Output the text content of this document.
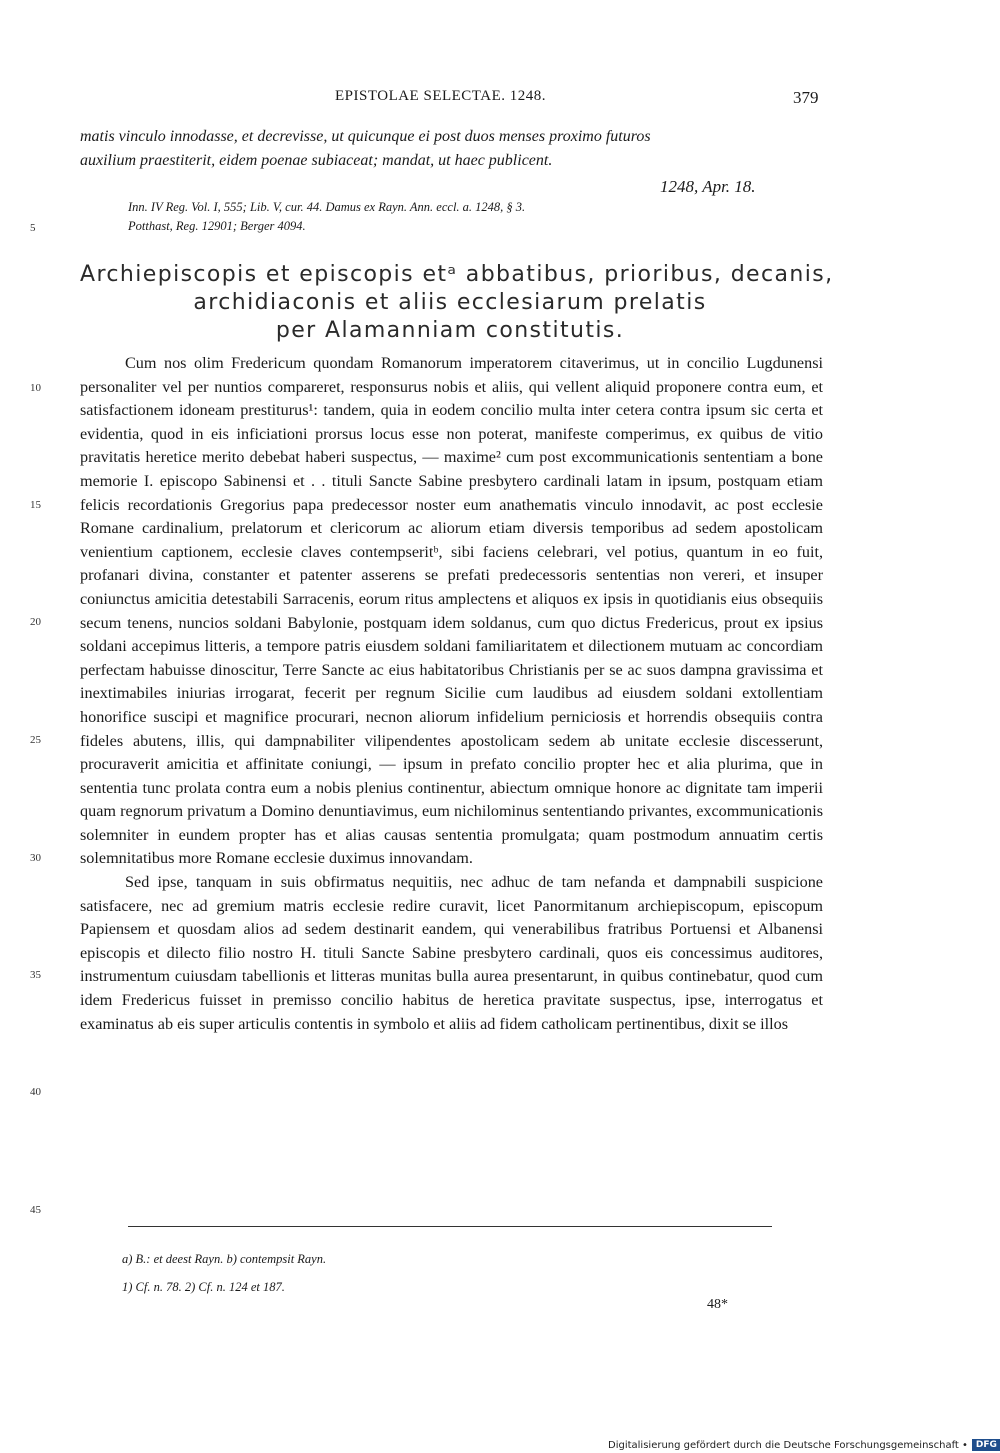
EPISTOLAE SELECTAE. 1248.	379
matis vinculo innodasse, et decrevisse, ut quicunque ei post duos menses proximo futuros
auxilium praestiterit, eidem poenae subiaceat; mandat, ut haec publicent.
1248, Apr. 18.
Inn. IV Reg. Vol. I, 555; Lib. V, cur. 44. Damus ex Rayn. Ann. eccl. a. 1248, § 3.
Potthast, Reg. 12901; Berger 4094.
Archiepiscopis et episcopis etᵃ abbatibus, prioribus, decanis,
archidiaconis et aliis ecclesiarum prelatis
per Alamanniam constitutis.
5
10
15
20
25
30
35
40
45

Cum nos olim Fredericum quondam Romanorum imperatorem citaverimus, ut in concilio Lugdunensi personaliter vel per nuntios compareret, responsurus nobis et aliis, qui vellent aliquid proponere contra eum, et satisfactionem idoneam prestiturus¹: tandem, quia in eodem concilio multa inter cetera contra ipsum sic certa et evidentia, quod in eis inficiationi prorsus locus esse non poterat, manifeste comperimus, ex quibus de vitio pravitatis heretice merito debebat haberi suspectus, — maxime² cum post excommunicationis sententiam a bone memorie I. episcopo Sabinensi et . . tituli Sancte Sabine presbytero cardinali latam in ipsum, postquam etiam felicis recordationis Gregorius papa predecessor noster eum anathematis vinculo innodavit, ac post ecclesie Romane cardinalium, prelatorum et clericorum ac aliorum etiam diversis temporibus ad sedem apostolicam venientium captionem, ecclesie claves contempseritᵇ, sibi faciens celebrari, vel potius, quantum in eo fuit, profanari divina, constanter et patenter asserens se prefati predecessoris sententias non vereri, et insuper coniunctus amicitia detestabili Sarracenis, eorum ritus amplectens et aliquos ex ipsis in quotidianis eius obsequiis secum tenens, nuncios soldani Babylonie, postquam idem soldanus, cum quo dictus Fredericus, prout ex ipsius soldani accepimus litteris, a tempore patris eiusdem soldani familiaritatem et dilectionem mutuam ac concordiam perfectam habuisse dinoscitur, Terre Sancte ac eius habitatoribus Christianis per se ac suos dampna gravissima et inextimabiles iniurias irrogarat, fecerit per regnum Sicilie cum laudibus ad eiusdem soldani extollentiam honorifice suscipi et magnifice procurari, necnon aliorum infidelium perniciosis et horrendis obsequiis contra fideles abutens, illis, qui dampnabiliter vilipendentes apostolicam sedem ab unitate ecclesie discesserunt, procuraverit amicitia et affinitate coniungi, — ipsum in prefato concilio propter hec et alia plurima, que in sententia tunc prolata contra eum a nobis plenius continentur, abiectum omnique honore ac dignitate tam imperii quam regnorum privatum a Domino denuntiavimus, eum nichilominus sententiando privantes, excommunicationis solemniter in eundem propter has et alias causas sententia promulgata; quam postmodum annuatim certis solemnitatibus more Romane ecclesie duximus innovandam.

Sed ipse, tanquam in suis obfirmatus nequitiis, nec adhuc de tam nefanda et dampnabili suspicione satisfacere, nec ad gremium matris ecclesie redire curavit, licet Panormitanum archiepiscopum, episcopum Papiensem et quosdam alios ad sedem destinarit eandem, qui venerabilibus fratribus Portuensi et Albanensi episcopis et dilecto filio nostro H. tituli Sancte Sabine presbytero cardinali, quos eis concessimus auditores, instrumentum cuiusdam tabellionis et litteras munitas bulla aurea presentarunt, in quibus continebatur, quod cum idem Fredericus fuisset in premisso concilio habitus de heretica pravitate suspectus, ipse, interrogatus et examinatus ab eis super articulis contentis in symbolo et aliis ad fidem catholicam pertinentibus, dixit se illos

a) B.: et deest Rayn. b) contempsit Rayn.
1) Cf. n. 78. 2) Cf. n. 124 et 187.
48*
Digitalisierung gefördert durch die Deutsche Forschungsgemeinschaft • DFG
